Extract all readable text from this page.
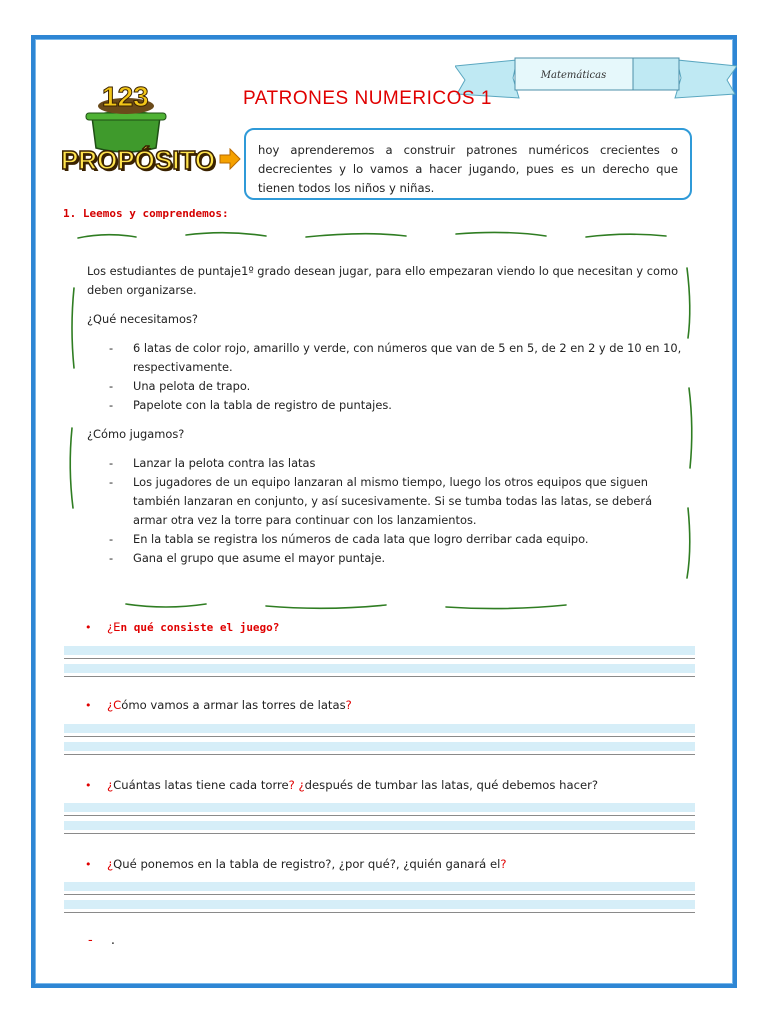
Matemáticas
123
PROPÓSITO
PATRONES NUMERICOS 1
hoy aprenderemos a construir patrones numéricos crecientes o decrecientes y lo vamos a hacer jugando, pues es un derecho que tienen todos los niños y niñas.
1. Leemos y comprendemos:

Los estudiantes de puntaje1º grado desean jugar, para ello empezaran viendo lo que necesitan y como deben organizarse.

¿Qué necesitamos?

- 6 latas de color rojo, amarillo y verde, con números que van de 5 en 5, de 2 en 2 y de 10 en 10, respectivamente.
- Una pelota de trapo.
- Papelote con la tabla de registro de puntajes.

¿Cómo jugamos?

- Lanzar la pelota contra las latas
- Los jugadores de un equipo lanzaran al mismo tiempo, luego los otros equipos que siguen también lanzaran en conjunto, y así sucesivamente. Si se tumba todas las latas, se deberá armar otra vez la torre para continuar con los lanzamientos.
- En la tabla se registra los números de cada lata que logro derribar cada equipo.
- Gana el grupo que asume el mayor puntaje.
• ¿En qué consiste el juego?
• ¿Cómo vamos a armar las torres de latas?
• ¿Cuántas latas tiene cada torre? ¿después de tumbar las latas, qué debemos hacer?
• ¿Qué ponemos en la tabla de registro?, ¿por qué?, ¿quién ganará el?
- .
